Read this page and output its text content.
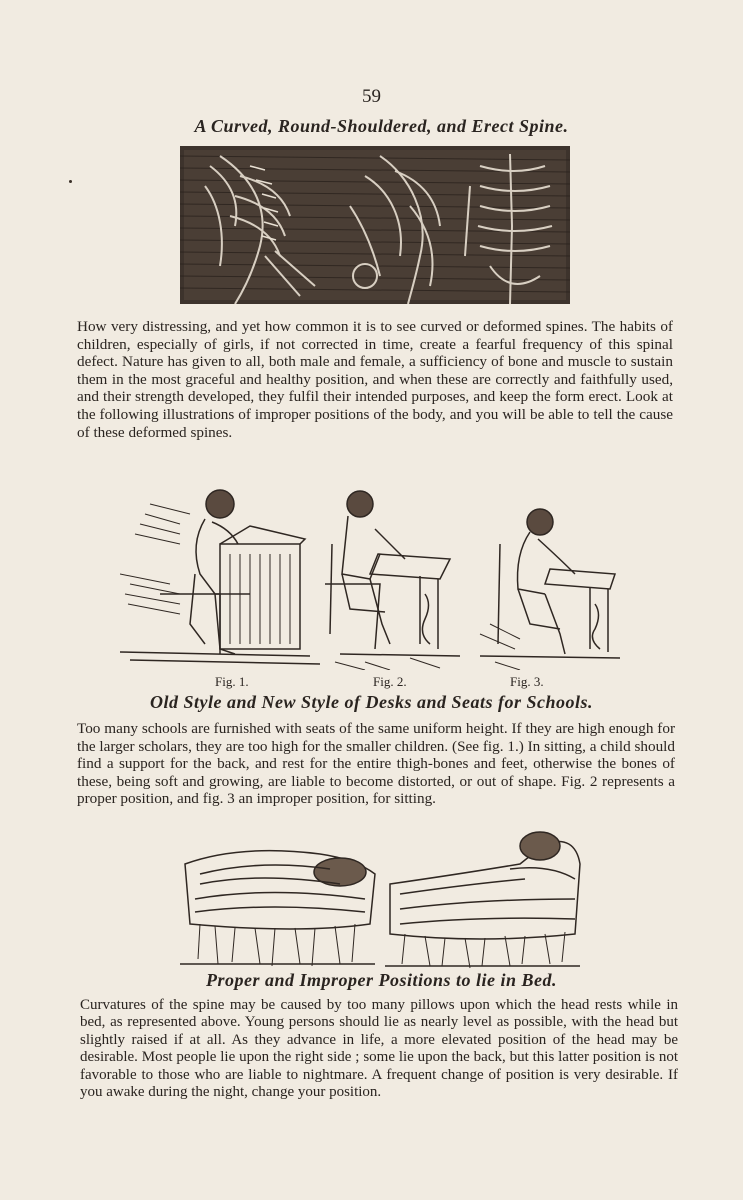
59
A Curved, Round-Shouldered, and Erect Spine.
How very distressing, and yet how common it is to see curved or deformed spines. The habits of children, especially of girls, if not corrected in time, create a fearful frequency of this spinal defect. Nature has given to all, both male and female, a sufficiency of bone and muscle to sustain them in the most graceful and healthy position, and when these are correctly and faithfully used, and their strength developed, they fulfil their intended purposes, and keep the form erect. Look at the following illustrations of improper positions of the body, and you will be able to tell the cause of these deformed spines.
Fig. 1.	Fig. 2.	Fig. 3.
Old Style and New Style of Desks and Seats for Schools.
Too many schools are furnished with seats of the same uniform height. If they are high enough for the larger scholars, they are too high for the smaller children. (See fig. 1.) In sitting, a child should find a support for the back, and rest for the entire thigh-bones and feet, otherwise the bones of these, being soft and growing, are liable to become distorted, or out of shape. Fig. 2 represents a proper position, and fig. 3 an improper position, for sitting.
Proper and Improper Positions to lie in Bed.
Curvatures of the spine may be caused by too many pillows upon which the head rests while in bed, as represented above. Young persons should lie as nearly level as possible, with the head but slightly raised if at all. As they advance in life, a more elevated position of the head may be desirable. Most people lie upon the right side ; some lie upon the back, but this latter position is not favorable to those who are liable to nightmare. A frequent change of position is very desirable. If you awake during the night, change your position.
